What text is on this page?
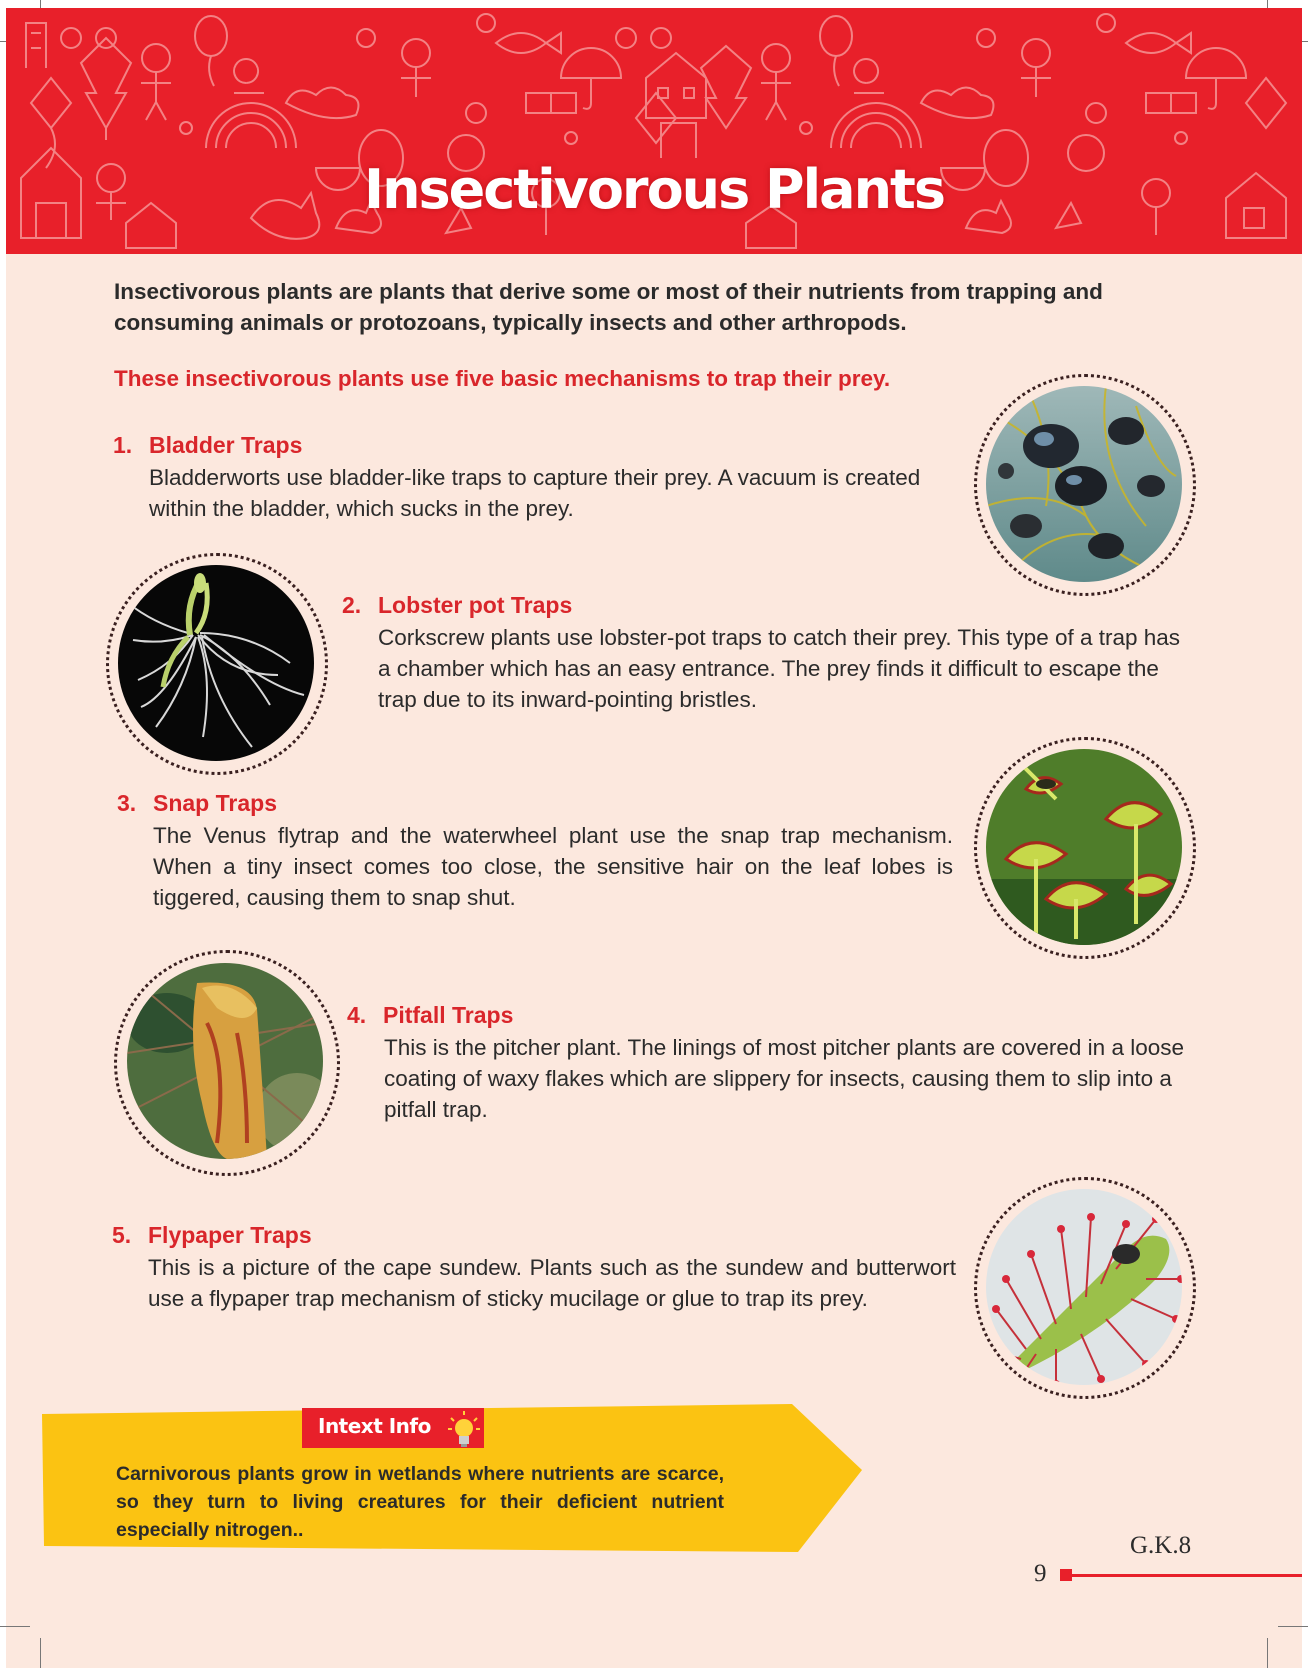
Insectivorous Plants
Insectivorous plants are plants that derive some or most of their nutrients from trapping and consuming animals or protozoans, typically insects and other arthropods.
These insectivorous plants use five basic mechanisms to trap their prey.
1. Bladder Traps
Bladderworts use bladder-like traps to capture their prey. A vacuum is created within the bladder, which sucks in the prey.
2. Lobster pot Traps
Corkscrew plants use lobster-pot traps to catch their prey. This type of a trap has a chamber which has an easy entrance. The prey finds it difficult to escape the trap due to its inward-pointing bristles.
3. Snap Traps
The Venus flytrap and the waterwheel plant use the snap trap mechanism. When a tiny insect comes too close, the sensitive hair on the leaf lobes is tiggered, causing them to snap shut.
4. Pitfall Traps
This is the pitcher plant. The linings of most pitcher plants are covered in a loose coating of waxy flakes which are slippery for insects, causing them to slip into a pitfall trap.
5. Flypaper Traps
This is a picture of the cape sundew. Plants such as the sundew and butterwort use a flypaper trap mechanism of sticky mucilage or glue to trap its prey.
Intext Info
Carnivorous plants grow in wetlands where nutrients are scarce, so they turn to living creatures for their deficient nutrient especially nitrogen..
G.K.8
9
